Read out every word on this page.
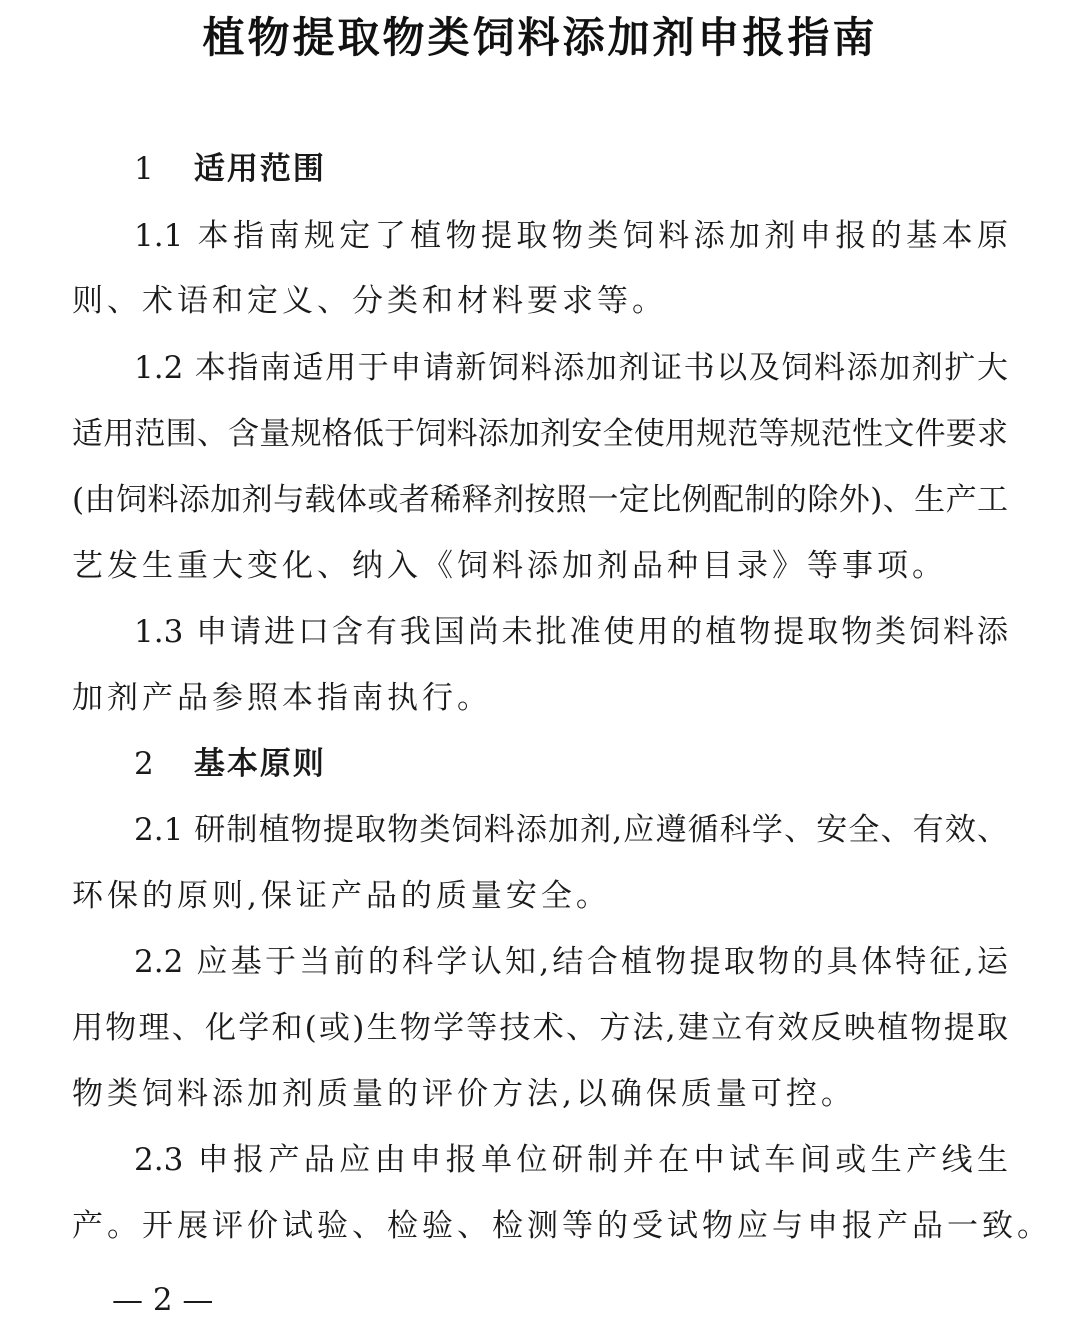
植物提取物类饲料添加剂申报指南
1 适用范围
1.1 本指南规定了植物提取物类饲料添加剂申报的基本原
则、术语和定义、分类和材料要求等。
1.2 本指南适用于申请新饲料添加剂证书以及饲料添加剂扩大
适用范围、含量规格低于饲料添加剂安全使用规范等规范性文件要求
(由饲料添加剂与载体或者稀释剂按照一定比例配制的除外)、生产工
艺发生重大变化、纳入《饲料添加剂品种目录》等事项。
1.3 申请进口含有我国尚未批准使用的植物提取物类饲料添
加剂产品参照本指南执行。
2 基本原则
2.1 研制植物提取物类饲料添加剂,应遵循科学、安全、有效、
环保的原则,保证产品的质量安全。
2.2 应基于当前的科学认知,结合植物提取物的具体特征,运
用物理、化学和(或)生物学等技术、方法,建立有效反映植物提取
物类饲料添加剂质量的评价方法,以确保质量可控。
2.3 申报产品应由申报单位研制并在中试车间或生产线生
产。开展评价试验、检验、检测等的受试物应与申报产品一致。
— 2 —
